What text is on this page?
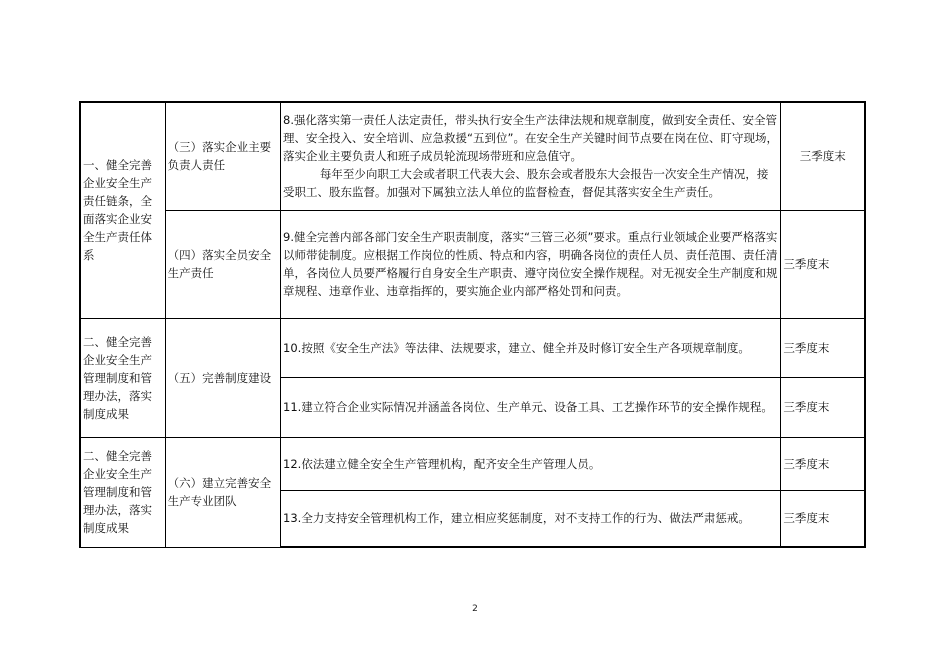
一、健全完善企业安全生产责任链条，全面落实企业安全生产责任体系	（三）落实企业主要负责人责任	8.强化落实第一责任人法定责任，带头执行安全生产法律法规和规章制度，做到安全责任、安全管理、安全投入、安全培训、应急救援“五到位”。在安全生产关键时间节点要在岗在位、盯守现场，落实企业主要负责人和班子成员轮流现场带班和应急值守。

每年至少向职工大会或者职工代表大会、股东会或者股东大会报告一次安全生产情况，接受职工、股东监督。加强对下属独立法人单位的监督检查，督促其落实安全生产责任。	三季度末
	（四）落实全员安全生产责任	9.健全完善内部各部门安全生产职责制度，落实“三管三必须”要求。重点行业领域企业要严格落实以师带徒制度。应根据工作岗位的性质、特点和内容，明确各岗位的责任人员、责任范围、责任清单，各岗位人员要严格履行自身安全生产职责、遵守岗位安全操作规程。对无视安全生产制度和规章规程、违章作业、违章指挥的，要实施企业内部严格处罚和问责。	三季度末
二、健全完善企业安全生产管理制度和管理办法，落实制度成果	（五）完善制度建设	10.按照《安全生产法》等法律、法规要求，建立、健全并及时修订安全生产各项规章制度。	三季度末

		11.建立符合企业实际情况并涵盖各岗位、生产单元、设备工具、工艺操作环节的安全操作规程。	三季度末
二、健全完善企业安全生产管理制度和管理办法，落实制度成果	（六）建立完善安全生产专业团队	12.依法建立健全安全生产管理机构，配齐安全生产管理人员。	三季度末

		13.全力支持安全管理机构工作，建立相应奖惩制度，对不支持工作的行为、做法严肃惩戒。	三季度末
2
